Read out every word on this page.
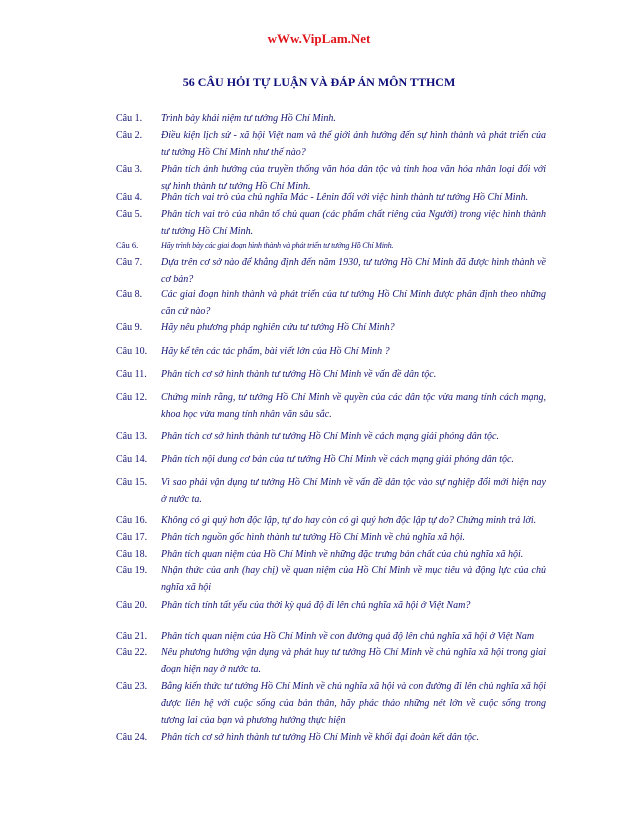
wWw.VipLam.Net
56 CÂU HỎI TỰ LUẬN VÀ ĐÁP ÁN MÔN TTHCM
Câu 1. Trình bày khái niệm tư tưởng Hồ Chí Minh.
Câu 2. Điều kiện lịch sử - xã hội Việt nam và thế giới ảnh hưởng đến sự hình thành và phát triển của tư tưởng Hồ Chí Minh như thế nào?
Câu 3. Phân tích ảnh hưởng của truyền thống văn hóa dân tộc và tinh hoa văn hóa nhân loại đối với sự hình thành tư tưởng Hồ Chí Minh.
Câu 4. Phân tích vai trò của chủ nghĩa Mác - Lênin đối với việc hình thành tư tưởng Hồ Chí Minh.
Câu 5. Phân tích vai trò của nhân tố chủ quan (các phẩm chất riêng của Người) trong việc hình thành tư tưởng Hồ Chí Minh.
Câu 6.	Hãy trình bày các giai đoạn hình thành và phát triển tư tưởng Hồ Chí Minh.
Câu 7. Dựa trên cơ sở nào để khẳng định đến năm 1930, tư tưởng Hồ Chí Minh đã được hình thành về cơ bản?
Câu 8. Các giai đoạn hình thành và phát triển của tư tưởng Hồ Chí Minh được phân định theo những căn cứ nào?
Câu 9. Hãy nêu phương pháp nghiên cứu tư tưởng Hồ Chí Minh?
Câu 10. Hãy kể tên các tác phẩm, bài viết lớn của Hồ Chí Minh ?
Câu 11. Phân tích cơ sở hình thành tư tưởng Hồ Chí Minh về vấn đề dân tộc.
Câu 12. Chứng minh rằng, tư tưởng Hồ Chí Minh về quyền của các dân tộc vừa mang tính cách mạng, khoa học vừa mang tính nhân văn sâu sắc.
Câu 13. Phân tích cơ sở hình thành tư tưởng Hồ Chí Minh về cách mạng giải phóng dân tộc.
Câu 14. Phân tích nội dung cơ bản của tư tưởng Hồ Chí Minh về cách mạng giải phóng dân tộc.
Câu 15. Vì sao phải vận dụng tư tưởng Hồ Chí Minh về vấn đề dân tộc vào sự nghiệp đổi mới hiện nay ở nước ta.
Câu 16. Không có gì quý hơn độc lập, tự do hay còn có gì quý hơn độc lập tự do? Chứng minh trả lời.
Câu 17. Phân tích nguồn gốc hình thành tư tưởng Hồ Chí Minh về chủ nghĩa xã hội.
Câu 18. Phân tích quan niệm của Hồ Chí Minh về những đặc trưng bản chất của chủ nghĩa xã hội.
Câu 19. Nhận thức của anh (hay chị) về quan niệm của Hồ Chí Minh về mục tiêu và động lực của chủ nghĩa xã hội
Câu 20. Phân tích tính tất yếu của thời kỳ quá độ đi lên chủ nghĩa xã hội ở Việt Nam?
Câu 21. Phân tích quan niệm của Hồ Chí Minh về con đường quá độ lên chủ nghĩa xã hội ở Việt Nam
Câu 22. Nêu phương hướng vận dụng và phát huy tư tưởng Hồ Chí Minh về chủ nghĩa xã hội trong giai đoạn hiện nay ở nước ta.
Câu 23. Bằng kiến thức tư tưởng Hồ Chí Minh về chủ nghĩa xã hội và con đường đi lên chủ nghĩa xã hội được liên hệ với cuộc sống của bản thân, hãy phác thảo những nét lớn về cuộc sống trong tương lai của bạn và phương hướng thực hiện
Câu 24. Phân tích cơ sở hình thành tư tưởng Hồ Chí Minh về khối đại đoàn kết dân tộc.
